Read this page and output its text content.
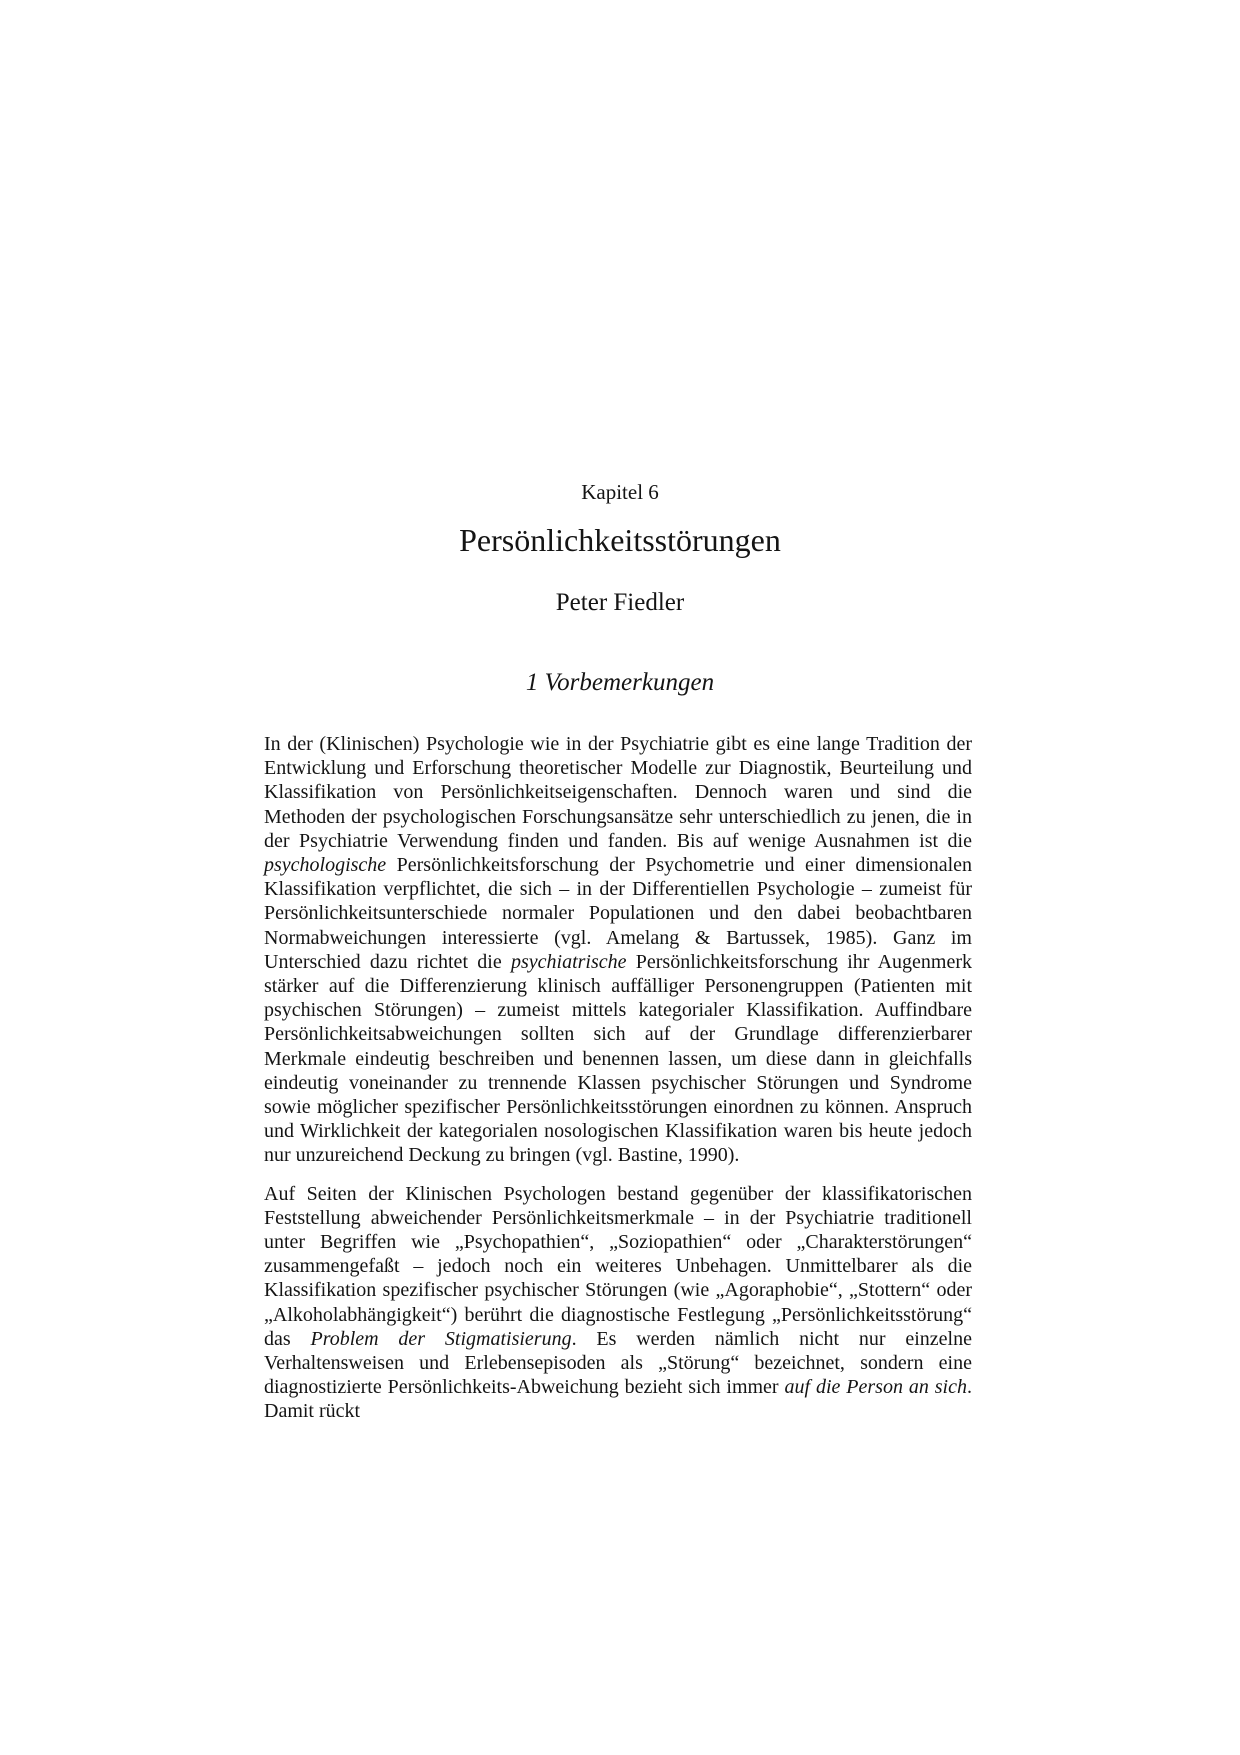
Kapitel 6
Persönlichkeitsstörungen
Peter Fiedler
1 Vorbemerkungen

In der (Klinischen) Psychologie wie in der Psychiatrie gibt es eine lange Tradition der Entwicklung und Erforschung theoretischer Modelle zur Diagnostik, Beurteilung und Klassifikation von Persönlichkeitseigenschaften. Dennoch waren und sind die Methoden der psychologischen Forschungsansätze sehr unterschiedlich zu jenen, die in der Psychiatrie Verwendung finden und fanden. Bis auf wenige Ausnahmen ist die psychologische Persönlichkeitsforschung der Psychometrie und einer dimensionalen Klassifikation verpflichtet, die sich – in der Differentiellen Psychologie – zumeist für Persönlichkeitsunterschiede normaler Populationen und den dabei beobachtbaren Normabweichungen interessierte (vgl. Amelang & Bartussek, 1985). Ganz im Unterschied dazu richtet die psychiatrische Persönlichkeitsforschung ihr Augenmerk stärker auf die Differenzierung klinisch auffälliger Personengruppen (Patienten mit psychischen Störungen) – zumeist mittels kategorialer Klassifikation. Auffindbare Persönlichkeitsabweichungen sollten sich auf der Grundlage differenzierbarer Merkmale eindeutig beschreiben und benennen lassen, um diese dann in gleichfalls eindeutig voneinander zu trennende Klassen psychischer Störungen und Syndrome sowie möglicher spezifischer Persönlichkeitsstörungen einordnen zu können. Anspruch und Wirklichkeit der kategorialen nosologischen Klassifikation waren bis heute jedoch nur unzureichend Deckung zu bringen (vgl. Bastine, 1990).

Auf Seiten der Klinischen Psychologen bestand gegenüber der klassifikatorischen Feststellung abweichender Persönlichkeitsmerkmale – in der Psychiatrie traditionell unter Begriffen wie „Psychopathien“, „Soziopathien“ oder „Charakterstörungen“ zusammengefaßt – jedoch noch ein weiteres Unbehagen. Unmittelbarer als die Klassifikation spezifischer psychischer Störungen (wie „Agoraphobie“, „Stottern“ oder „Alkoholabhängigkeit“) berührt die diagnostische Festlegung „Persönlichkeitsstörung“ das Problem der Stigmatisierung. Es werden nämlich nicht nur einzelne Verhaltensweisen und Erlebensepisoden als „Störung“ bezeichnet, sondern eine diagnostizierte Persönlichkeits-Abweichung bezieht sich immer auf die Person an sich. Damit rückt
